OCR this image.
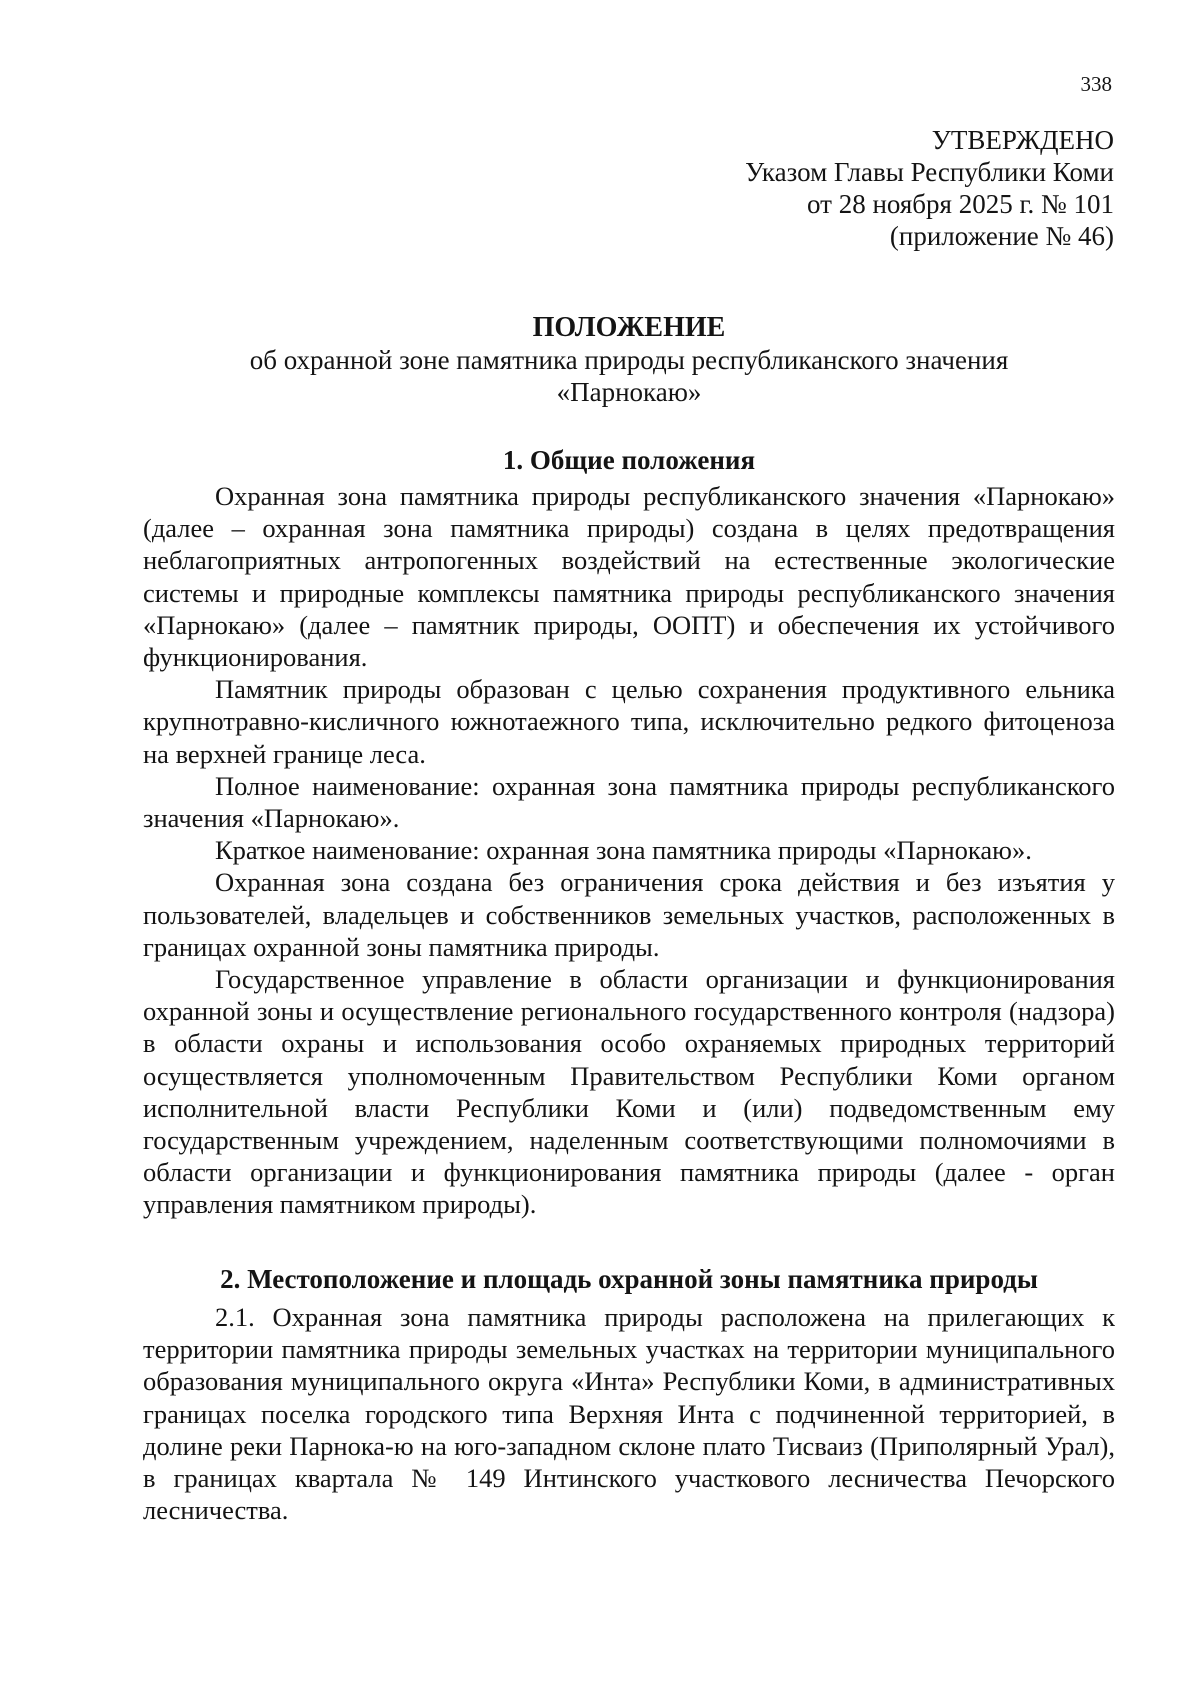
338
УТВЕРЖДЕНО
Указом Главы Республики Коми
от 28 ноября 2025 г. № 101
(приложение № 46)
ПОЛОЖЕНИЕ
об охранной зоне памятника природы республиканского значения
«Парнокаю»
1. Общие положения

Охранная зона памятника природы республиканского значения «Парнокаю» (далее – охранная зона памятника природы) создана в целях предотвращения неблагоприятных антропогенных воздействий на естественные экологические системы и природные комплексы памятника природы республиканского значения «Парнокаю» (далее – памятник природы, ООПТ) и обеспечения их устойчивого функционирования.

Памятник природы образован с целью сохранения продуктивного ельника крупнотравно-кисличного южнотаежного типа, исключительно редкого фитоценоза на верхней границе леса.

Полное наименование: охранная зона памятника природы республиканского значения «Парнокаю».

Краткое наименование: охранная зона памятника природы «Парнокаю».

Охранная зона создана без ограничения срока действия и без изъятия у пользователей, владельцев и собственников земельных участков, расположенных в границах охранной зоны памятника природы.

Государственное управление в области организации и функционирования охранной зоны и осуществление регионального государственного контроля (надзора) в области охраны и использования особо охраняемых природных территорий осуществляется уполномоченным Правительством Республики Коми органом исполнительной власти Республики Коми и (или) подведомственным ему государственным учреждением, наделенным соответствующими полномочиями в области организации и функционирования памятника природы (далее - орган управления памятником природы).

2. Местоположение и площадь охранной зоны памятника природы

2.1. Охранная зона памятника природы расположена на прилегающих к территории памятника природы земельных участках на территории муниципального образования муниципального округа «Инта» Республики Коми, в административных границах поселка городского типа Верхняя Инта с подчиненной территорией, в долине реки Парнока-ю на юго-западном склоне плато Тисваиз (Приполярный Урал), в границах квартала № 149 Интинского участкового лесничества Печорского лесничества.
